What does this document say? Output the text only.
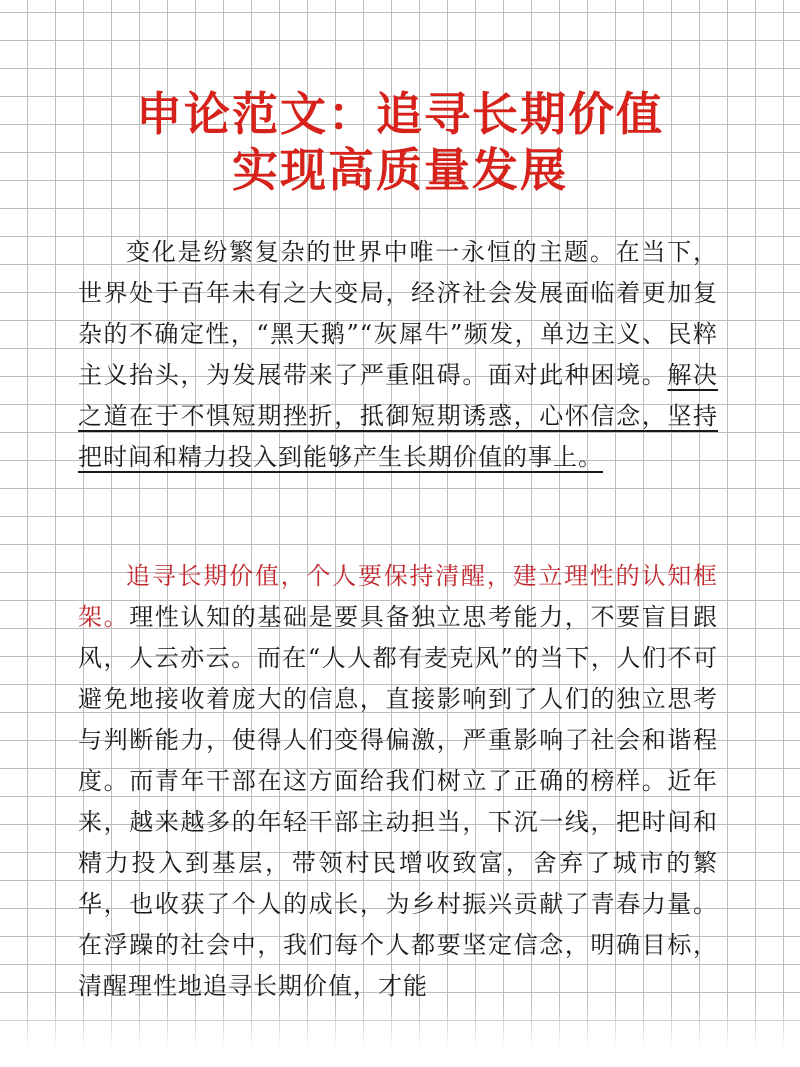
申论范文：追寻长期价值
实现高质量发展

变化是纷繁复杂的世界中唯一永恒的主题。在当下，世界处于百年未有之大变局，经济社会发展面临着更加复杂的不确定性，“黑天鹅”“灰犀牛”频发，单边主义、民粹主义抬头，为发展带来了严重阻碍。面对此种困境。解决之道在于不惧短期挫折，抵御短期诱惑，心怀信念，坚持把时间和精力投入到能够产生长期价值的事上。

追寻长期价值，个人要保持清醒，建立理性的认知框架。理性认知的基础是要具备独立思考能力，不要盲目跟风，人云亦云。而在“人人都有麦克风”的当下，人们不可避免地接收着庞大的信息，直接影响到了人们的独立思考与判断能力，使得人们变得偏激，严重影响了社会和谐程度。而青年干部在这方面给我们树立了正确的榜样。近年来，越来越多的年轻干部主动担当，下沉一线，把时间和精力投入到基层，带领村民增收致富，舍弃了城市的繁华，也收获了个人的成长，为乡村振兴贡献了青春力量。在浮躁的社会中，我们每个人都要坚定信念，明确目标，清醒理性地追寻长期价值，才能
